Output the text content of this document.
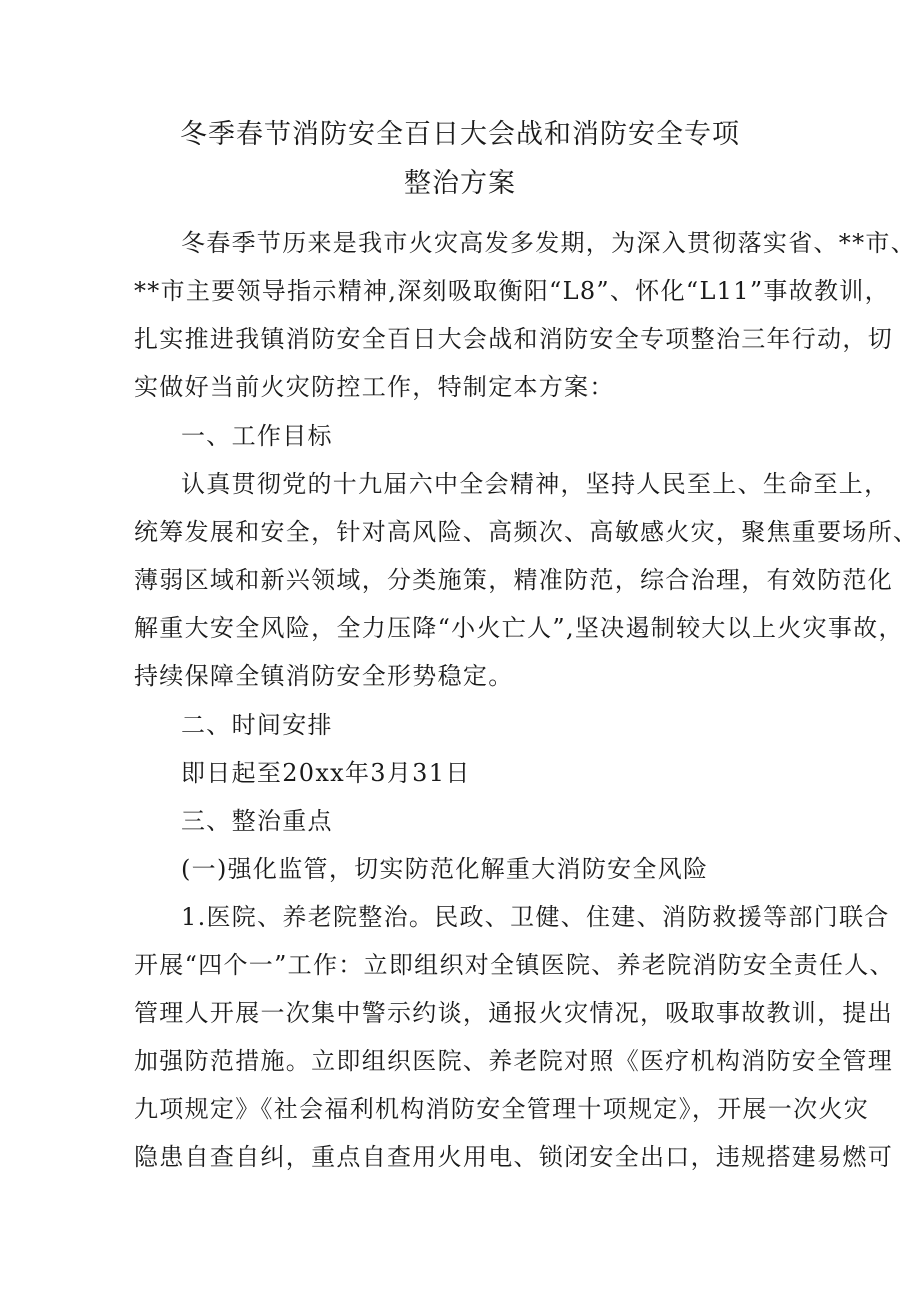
冬季春节消防安全百日大会战和消防安全专项
整治方案
冬春季节历来是我市火灾高发多发期，为深入贯彻落实省、**市、
**市主要领导指示精神,深刻吸取衡阳“L8”、怀化“L11”事故教训，
扎实推进我镇消防安全百日大会战和消防安全专项整治三年行动，切
实做好当前火灾防控工作，特制定本方案：
一、工作目标
认真贯彻党的十九届六中全会精神，坚持人民至上、生命至上，
统筹发展和安全，针对高风险、高频次、高敏感火灾，聚焦重要场所、
薄弱区域和新兴领域，分类施策，精准防范，综合治理，有效防范化
解重大安全风险，全力压降“小火亡人”,坚决遏制较大以上火灾事故，
持续保障全镇消防安全形势稳定。
二、时间安排
即日起至20xx年3月31日
三、整治重点
(一)强化监管，切实防范化解重大消防安全风险
1.医院、养老院整治。民政、卫健、住建、消防救援等部门联合
开展“四个一”工作：立即组织对全镇医院、养老院消防安全责任人、
管理人开展一次集中警示约谈，通报火灾情况，吸取事故教训，提出
加强防范措施。立即组织医院、养老院对照《医疗机构消防安全管理
九项规定》《社会福利机构消防安全管理十项规定》，开展一次火灾
隐患自查自纠，重点自查用火用电、锁闭安全出口，违规搭建易燃可
